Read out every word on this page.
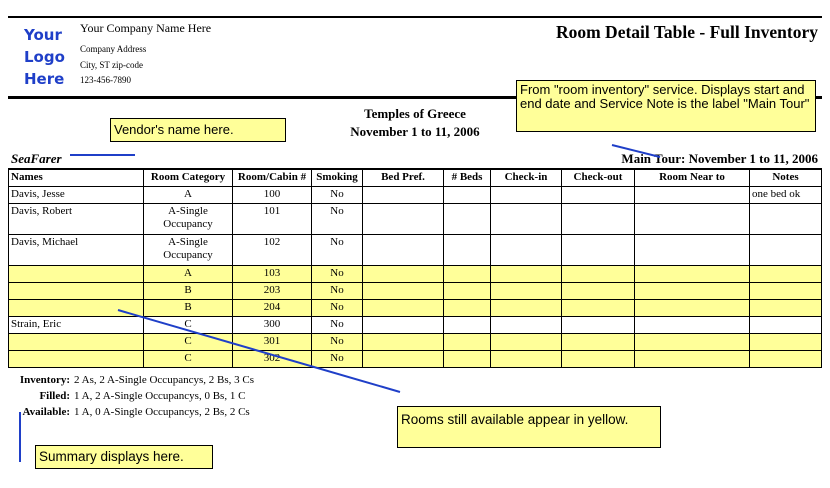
Your
Logo
Here
Your Company Name Here
Company Address
City, ST zip-code
123-456-7890
Room Detail Table - Full Inventory
Temples of Greece
November 1 to 11, 2006
SeaFarer	Main Tour: November 1 to 11, 2006
Names	Room Category	Room/Cabin #	Smoking	Bed Pref.	# Beds	Check-in	Check-out	Room Near to	Notes
Davis, Jesse	A	100	No						one bed ok
Davis, Robert	A-Single Occupancy	101	No						
Davis, Michael	A-Single Occupancy	102	No						
	A	103	No						
	B	203	No						
	B	204	No						
Strain, Eric	C	300	No						
	C	301	No						
	C	302	No						
Inventory: 2 As, 2 A-Single Occupancys, 2 Bs, 3 Cs
Filled: 1 A, 2 A-Single Occupancys, 0 Bs, 1 C
Available: 1 A, 0 A-Single Occupancys, 2 Bs, 2 Cs
From "room inventory" service. Displays start and end date and Service Note is the label "Main Tour"
Vendor's name here.
Rooms still available appear in yellow.
Summary displays here.
